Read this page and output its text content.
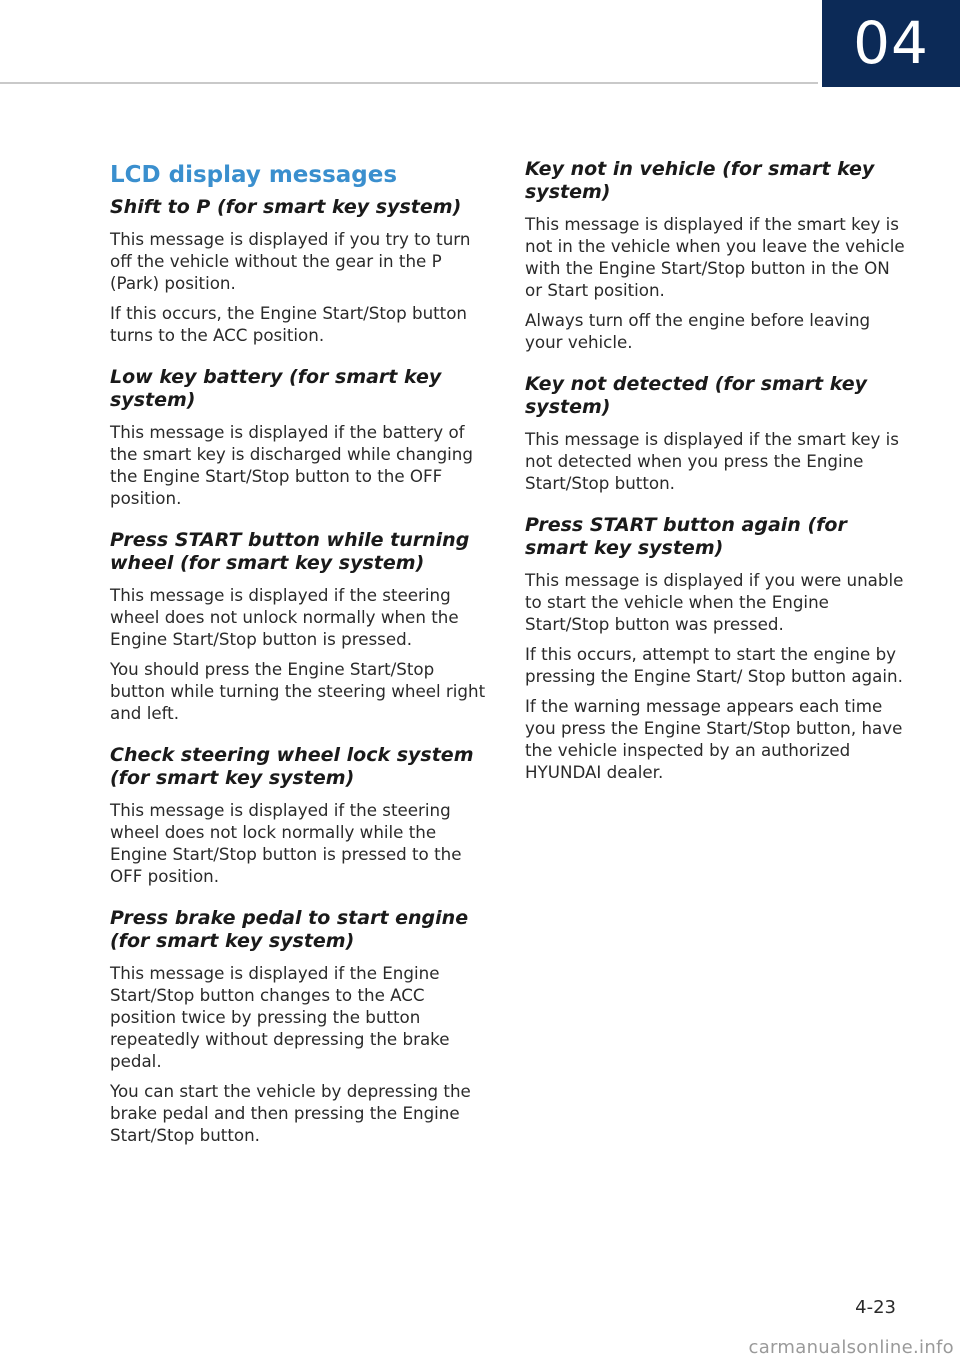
04
LCD display messages
Shift to P (for smart key system)

This message is displayed if you try to turn off the vehicle without the gear in the P (Park) position.

If this occurs, the Engine Start/Stop button turns to the ACC position.

Low key battery (for smart key system)

This message is displayed if the battery of the smart key is discharged while changing the Engine Start/Stop button to the OFF position.

Press START button while turning wheel (for smart key system)

This message is displayed if the steering wheel does not unlock normally when the Engine Start/Stop button is pressed.

You should press the Engine Start/Stop button while turning the steering wheel right and left.

Check steering wheel lock system (for smart key system)

This message is displayed if the steering wheel does not lock normally while the Engine Start/Stop button is pressed to the OFF position.

Press brake pedal to start engine (for smart key system)

This message is displayed if the Engine Start/Stop button changes to the ACC position twice by pressing the button repeatedly without depressing the brake pedal.

You can start the vehicle by depressing the brake pedal and then pressing the Engine Start/Stop button.

Key not in vehicle (for smart key system)

This message is displayed if the smart key is not in the vehicle when you leave the vehicle with the Engine Start/Stop button in the ON or Start position.

Always turn off the engine before leaving your vehicle.

Key not detected (for smart key system)

This message is displayed if the smart key is not detected when you press the Engine Start/Stop button.

Press START button again (for smart key system)

This message is displayed if you were unable to start the vehicle when the Engine Start/Stop button was pressed.

If this occurs, attempt to start the engine by pressing the Engine Start/ Stop button again.

If the warning message appears each time you press the Engine Start/Stop button, have the vehicle inspected by an authorized HYUNDAI dealer.

4-23
carmanualsonline.info
